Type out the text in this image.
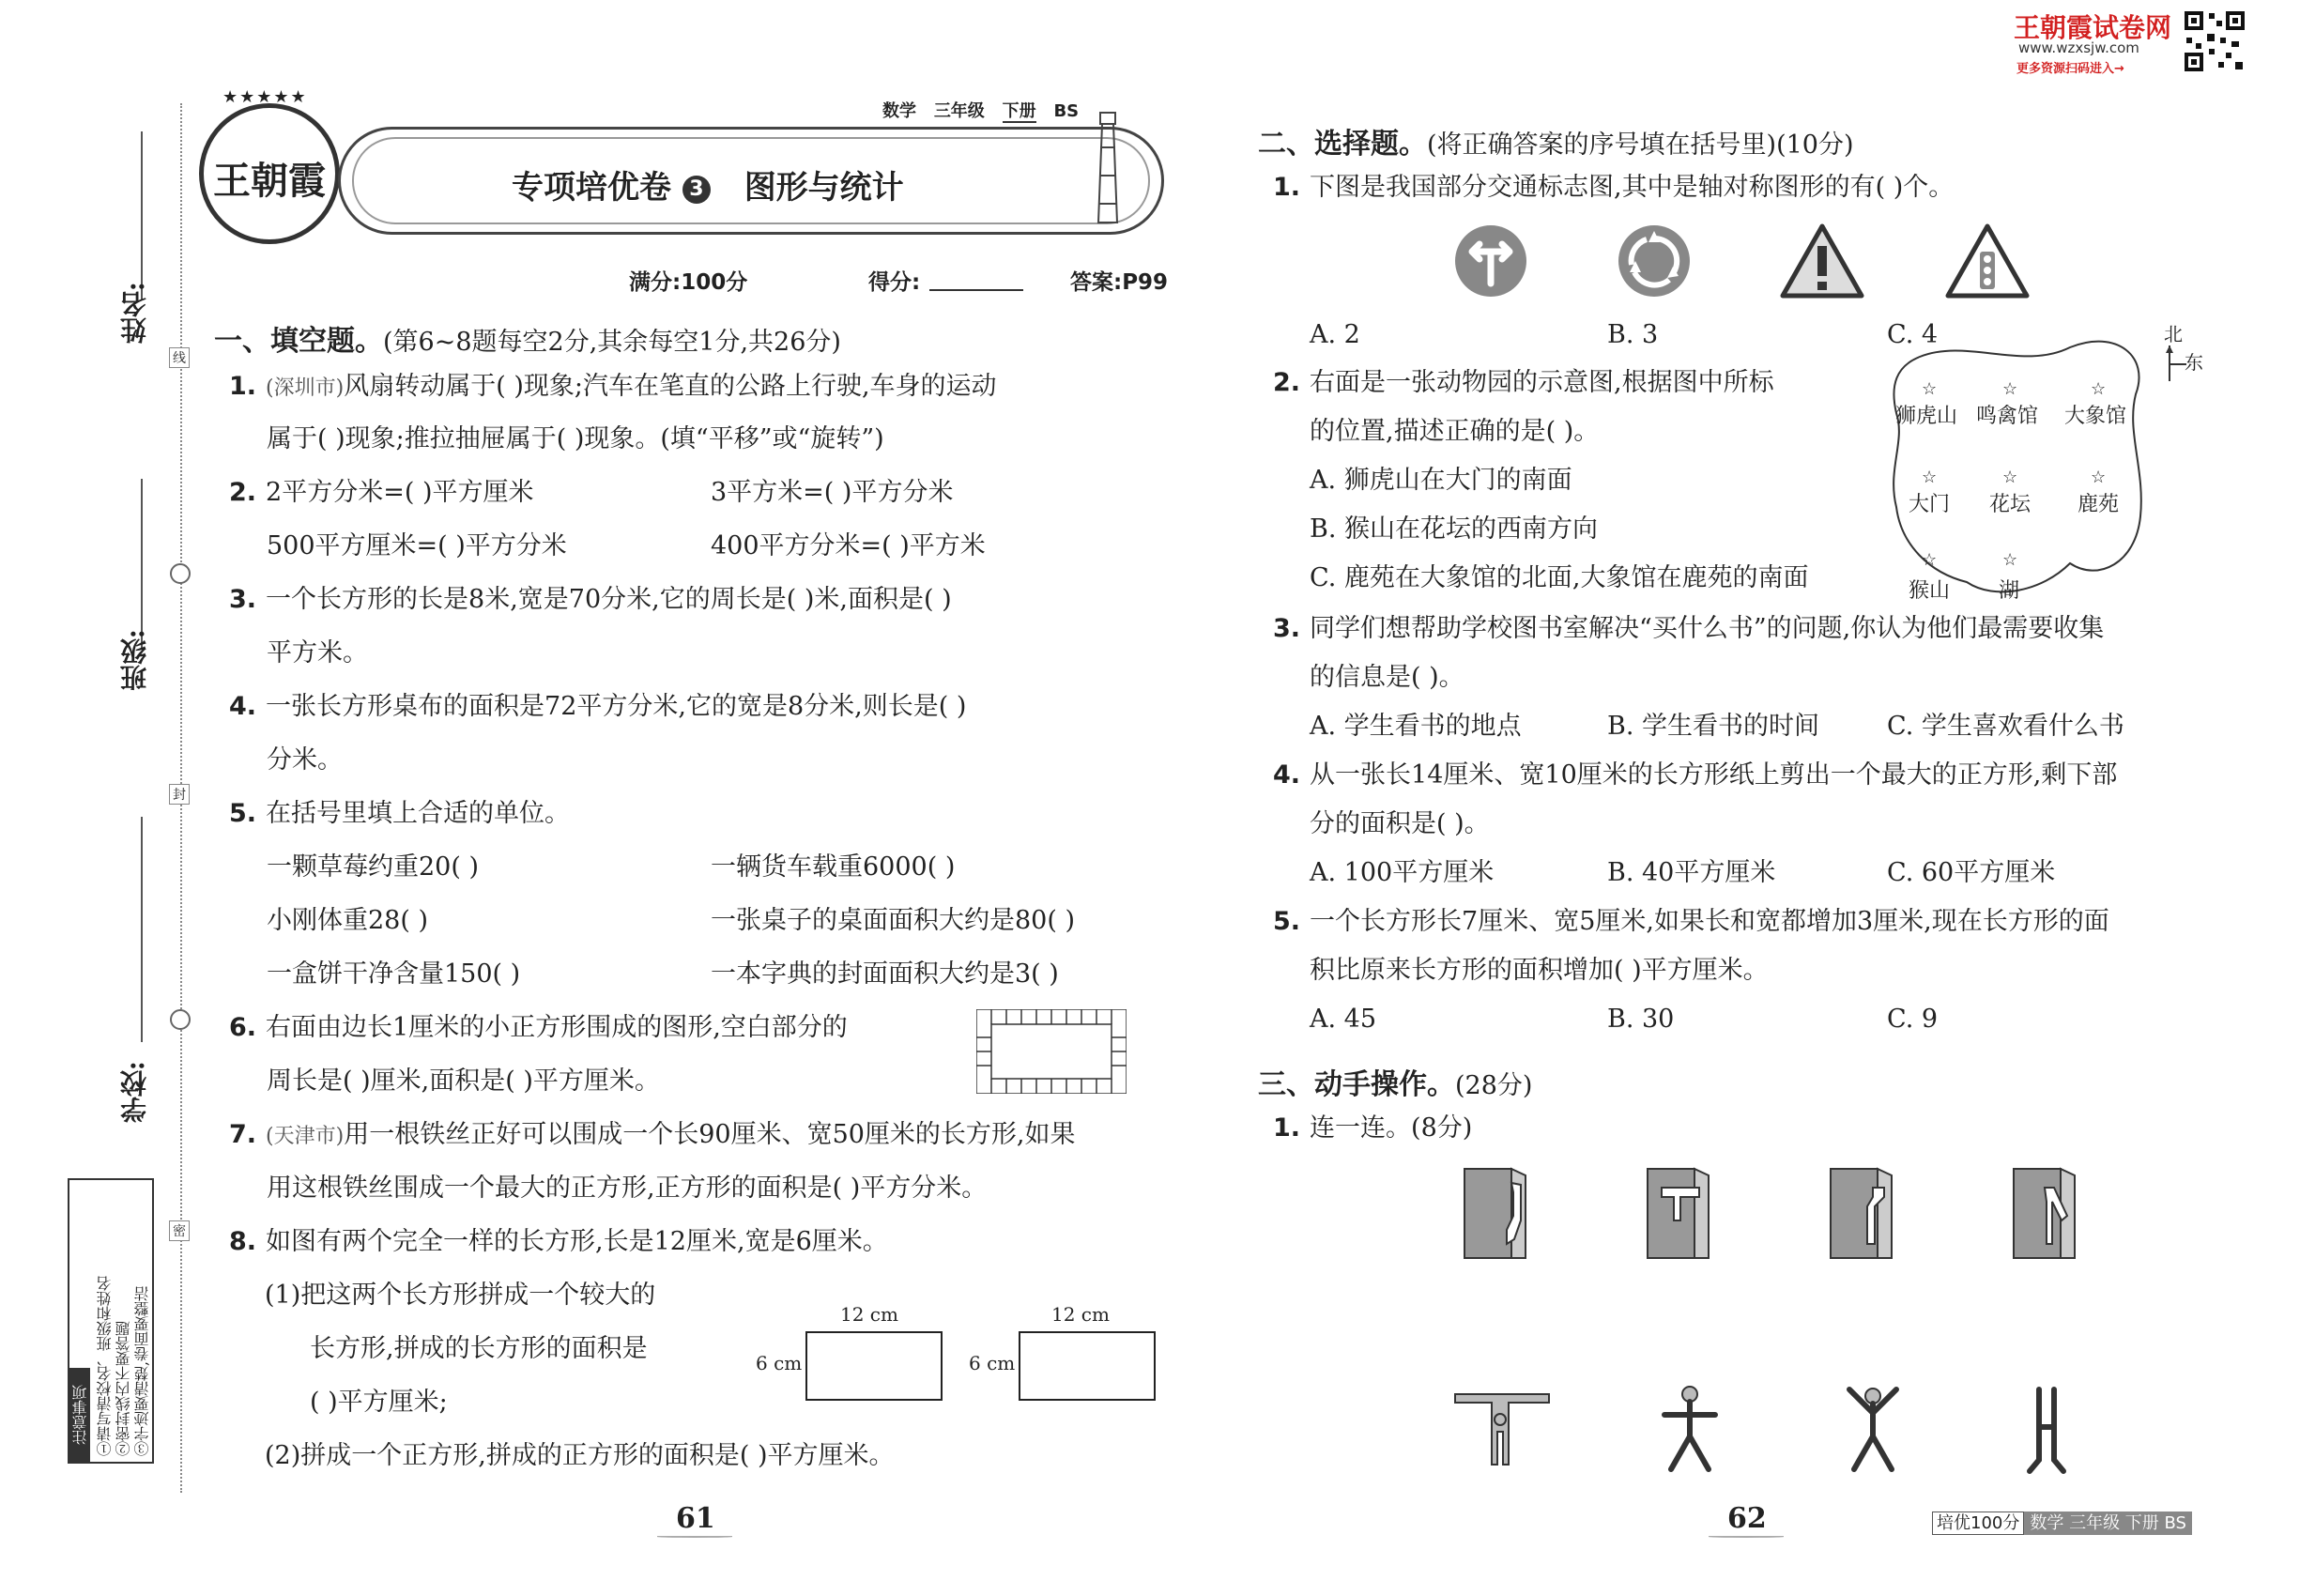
线
封
密
姓名:
班级:
学校:
注意事项 ①请写清校名、班级和姓名 ②密封线内不要答题 ③字迹要清楚,卷面要整洁
★★★★★
王朝霞
数学 三年级 下册 BS
专项培优卷 3 图形与统计
满分:100分	得分:	答案:P99
一、填空题。(第6~8题每空2分,其余每空1分,共26分)
1. (深圳市)风扇转动属于( )现象;汽车在笔直的公路上行驶,车身的运动
属于( )现象;推拉抽屉属于( )现象。(填“平移”或“旋转”)
2. 2平方分米=( )平方厘米	3平方米=( )平方分米
500平方厘米=( )平方分米	400平方分米=( )平方米
3. 一个长方形的长是8米,宽是70分米,它的周长是( )米,面积是( )
平方米。
4. 一张长方形桌布的面积是72平方分米,它的宽是8分米,则长是( )
分米。
5. 在括号里填上合适的单位。
一颗草莓约重20( )	一辆货车载重6000( )
小刚体重28( )	一张桌子的桌面面积大约是80( )
一盒饼干净含量150( )	一本字典的封面面积大约是3( )
6. 右面由边长1厘米的小正方形围成的图形,空白部分的
周长是( )厘米,面积是( )平方厘米。
7. (天津市)用一根铁丝正好可以围成一个长90厘米、宽50厘米的长方形,如果
用这根铁丝围成一个最大的正方形,正方形的面积是( )平方分米。
8. 如图有两个完全一样的长方形,长是12厘米,宽是6厘米。
(1)把这两个长方形拼成一个较大的
长方形,拼成的长方形的面积是
( )平方厘米;
(2)拼成一个正方形,拼成的正方形的面积是( )平方厘米。
12 cm
6 cm
12 cm
6 cm
61
王朝霞试卷网
www.wzxsjw.com
更多资源扫码进入→
二、选择题。(将正确答案的序号填在括号里)(10分)
1. 下图是我国部分交通标志图,其中是轴对称图形的有( )个。
A. 2	B. 3	C. 4
2. 右面是一张动物园的示意图,根据图中所标
的位置,描述正确的是( )。
A. 狮虎山在大门的南面
B. 猴山在花坛的西南方向
C. 鹿苑在大象馆的北面,大象馆在鹿苑的南面
北
东
☆
狮虎山
☆
鸣禽馆
☆
大象馆
☆
大门
☆
花坛
☆
鹿苑
☆
猴山
☆
湖
3. 同学们想帮助学校图书室解决“买什么书”的问题,你认为他们最需要收集
的信息是( )。
A. 学生看书的地点	B. 学生看书的时间	C. 学生喜欢看什么书
4. 从一张长14厘米、宽10厘米的长方形纸上剪出一个最大的正方形,剩下部
分的面积是( )。
A. 100平方厘米	B. 40平方厘米	C. 60平方厘米
5. 一个长方形长7厘米、宽5厘米,如果长和宽都增加3厘米,现在长方形的面
积比原来长方形的面积增加( )平方厘米。
A. 45	B. 30	C. 9
三、动手操作。(28分)
1. 连一连。(8分)
62	培优100分 数学 三年级 下册 BS
